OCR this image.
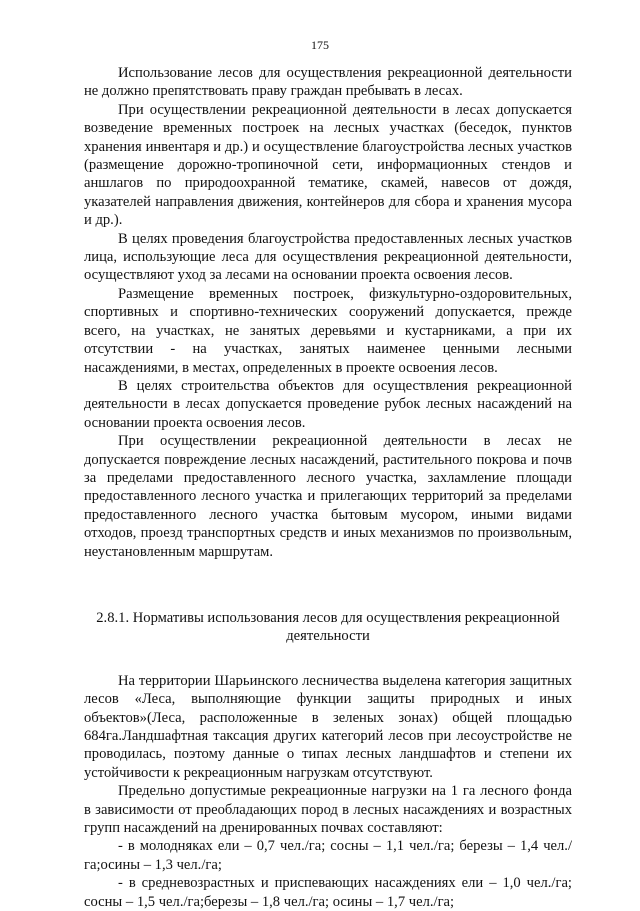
175

Использование лесов для осуществления рекреационной деятельности не должно препятствовать праву граждан пребывать в лесах.

При осуществлении рекреационной деятельности в лесах допускается возведение временных построек на лесных участках (беседок, пунктов хранения инвентаря и др.) и осуществление благоустройства лесных участков (размещение дорожно-тропиночной сети, информационных стендов и аншлагов по природоохранной тематике, скамей, навесов от дождя, указателей направления движения, контейнеров для сбора и хранения мусора и др.).

В целях проведения благоустройства предоставленных лесных участков лица, использующие леса для осуществления рекреационной деятельности, осуществляют уход за лесами на основании проекта освоения лесов.

Размещение временных построек, физкультурно-оздоровительных, спортивных и спортивно-технических сооружений допускается, прежде всего, на участках, не занятых деревьями и кустарниками, а при их отсутствии - на участках, занятых наименее ценными лесными насаждениями, в местах, определенных в проекте освоения лесов.

В целях строительства объектов для осуществления рекреационной деятельности в лесах допускается проведение рубок лесных насаждений на основании проекта освоения лесов.

При осуществлении рекреационной деятельности в лесах не допускается повреждение лесных насаждений, растительного покрова и почв за пределами предоставленного лесного участка, захламление площади предоставленного лесного участка и прилегающих территорий за пределами предоставленного лесного участка бытовым мусором, иными видами отходов, проезд транспортных средств и иных механизмов по произвольным, неустановленным маршрутам.

2.8.1. Нормативы использования лесов для осуществления рекреационной деятельности

На территории Шарьинского лесничества выделена категория защитных лесов «Леса, выполняющие функции защиты природных и иных объектов»(Леса, расположенные в зеленых зонах) общей площадью 684га.Ландшафтная таксация других категорий лесов при лесоустройстве не проводилась, поэтому данные о типах лесных ландшафтов и степени их устойчивости к рекреационным нагрузкам отсутствуют.

Предельно допустимые рекреационные нагрузки на 1 га лесного фонда в зависимости от преобладающих пород в лесных насаждениях и возрастных групп насаждений на дренированных почвах составляют:

- в молодняках ели – 0,7 чел./га; сосны – 1,1 чел./га; березы – 1,4 чел./га;осины – 1,3 чел./га;

- в средневозрастных и приспевающих насаждениях ели – 1,0 чел./га; сосны – 1,5 чел./га;березы – 1,8 чел./га; осины – 1,7 чел./га;
